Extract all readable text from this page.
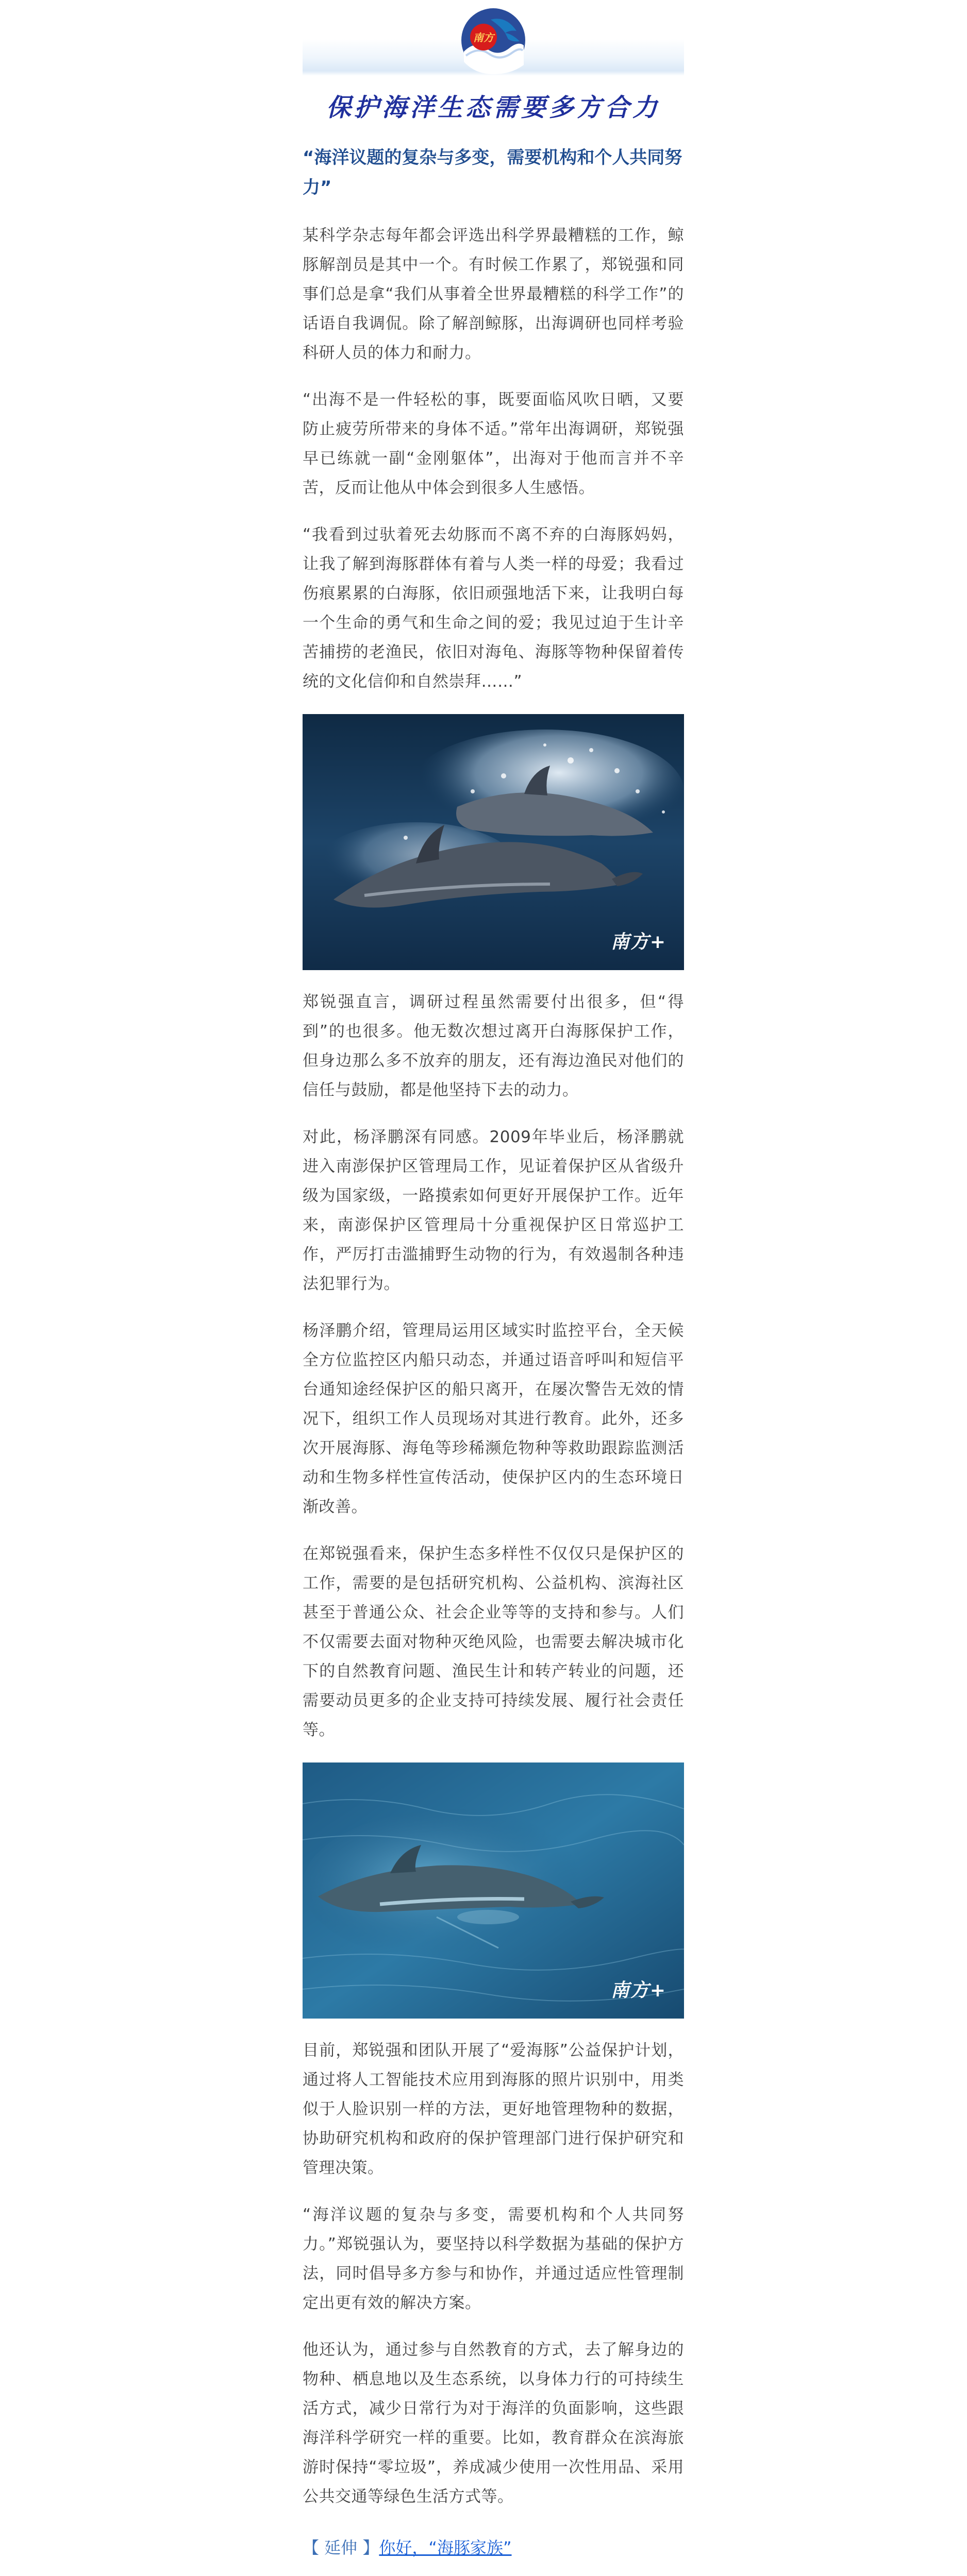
南方
保护海洋生态需要多方合力
“海洋议题的复杂与多变，需要机构和个人共同努力”

某科学杂志每年都会评选出科学界最糟糕的工作，鲸豚解剖员是其中一个。有时候工作累了，郑锐强和同事们总是拿“我们从事着全世界最糟糕的科学工作”的话语自我调侃。除了解剖鲸豚，出海调研也同样考验科研人员的体力和耐力。

“出海不是一件轻松的事，既要面临风吹日晒，又要防止疲劳所带来的身体不适。”常年出海调研，郑锐强早已练就一副“金刚躯体”，出海对于他而言并不辛苦，反而让他从中体会到很多人生感悟。

“我看到过驮着死去幼豚而不离不弃的白海豚妈妈，让我了解到海豚群体有着与人类一样的母爱；我看过伤痕累累的白海豚，依旧顽强地活下来，让我明白每一个生命的勇气和生命之间的爱；我见过迫于生计辛苦捕捞的老渔民，依旧对海龟、海豚等物种保留着传统的文化信仰和自然崇拜……”

南方+

郑锐强直言，调研过程虽然需要付出很多，但“得到”的也很多。他无数次想过离开白海豚保护工作，但身边那么多不放弃的朋友，还有海边渔民对他们的信任与鼓励，都是他坚持下去的动力。

对此，杨泽鹏深有同感。2009年毕业后，杨泽鹏就进入南澎保护区管理局工作，见证着保护区从省级升级为国家级，一路摸索如何更好开展保护工作。近年来，南澎保护区管理局十分重视保护区日常巡护工作，严厉打击滥捕野生动物的行为，有效遏制各种违法犯罪行为。

杨泽鹏介绍，管理局运用区域实时监控平台，全天候全方位监控区内船只动态，并通过语音呼叫和短信平台通知途经保护区的船只离开，在屡次警告无效的情况下，组织工作人员现场对其进行教育。此外，还多次开展海豚、海龟等珍稀濒危物种等救助跟踪监测活动和生物多样性宣传活动，使保护区内的生态环境日渐改善。

在郑锐强看来，保护生态多样性不仅仅只是保护区的工作，需要的是包括研究机构、公益机构、滨海社区甚至于普通公众、社会企业等等的支持和参与。人们不仅需要去面对物种灭绝风险，也需要去解决城市化下的自然教育问题、渔民生计和转产转业的问题，还需要动员更多的企业支持可持续发展、履行社会责任等。

南方+

目前，郑锐强和团队开展了“爱海豚”公益保护计划，通过将人工智能技术应用到海豚的照片识别中，用类似于人脸识别一样的方法，更好地管理物种的数据，协助研究机构和政府的保护管理部门进行保护研究和管理决策。

“海洋议题的复杂与多变，需要机构和个人共同努力。”郑锐强认为，要坚持以科学数据为基础的保护方法，同时倡导多方参与和协作，并通过适应性管理制定出更有效的解决方案。

他还认为，通过参与自然教育的方式，去了解身边的物种、栖息地以及生态系统，以身体力行的可持续生活方式，减少日常行为对于海洋的负面影响，这些跟海洋科学研究一样的重要。比如，教育群众在滨海旅游时保持“零垃圾”，养成减少使用一次性用品、采用公共交通等绿色生活方式等。

【 延伸 】你好，“海豚家族”
